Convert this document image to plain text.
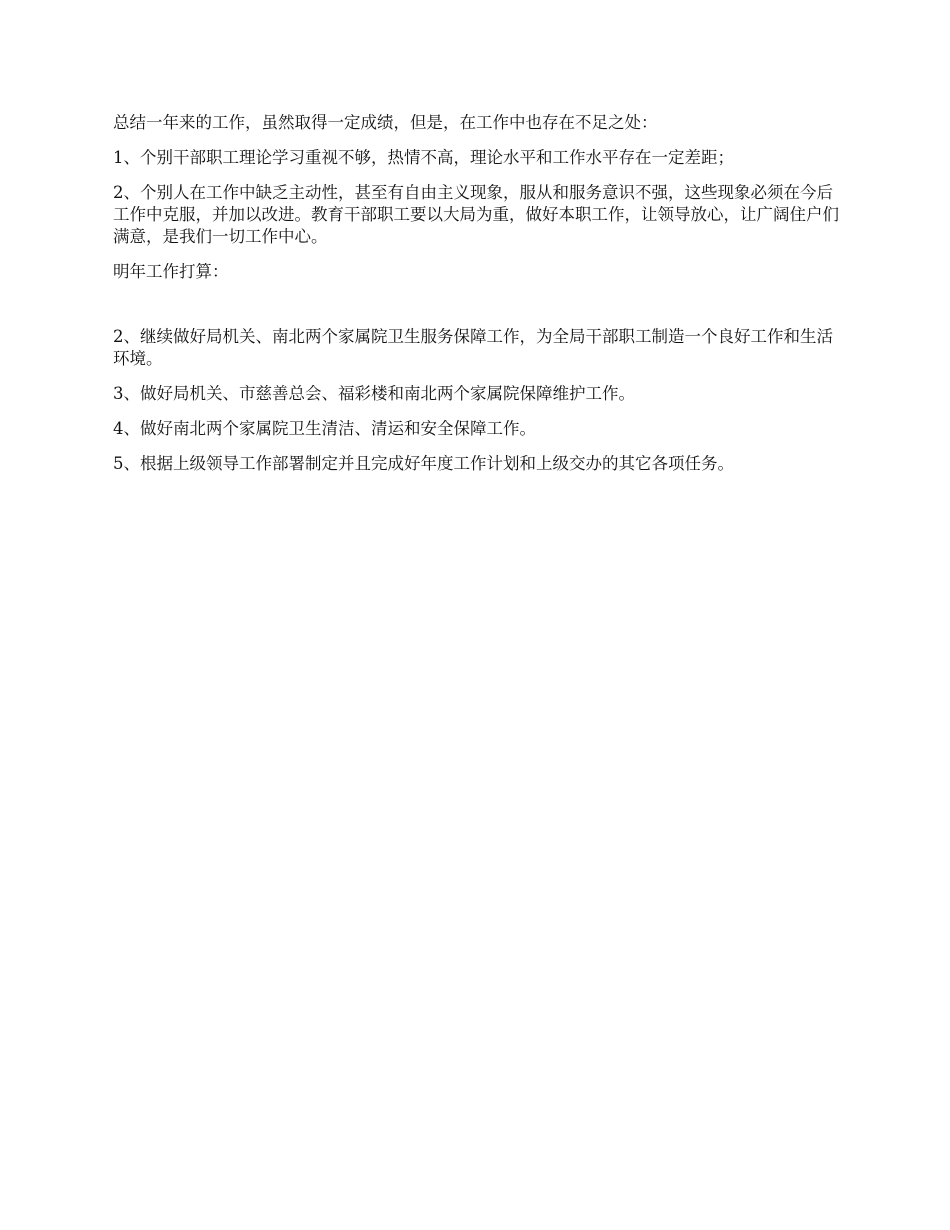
总结一年来的工作，虽然取得一定成绩，但是，在工作中也存在不足之处：

1、个别干部职工理论学习重视不够，热情不高，理论水平和工作水平存在一定差距；

2、个别人在工作中缺乏主动性，甚至有自由主义现象，服从和服务意识不强，这些现象必须在今后工作中克服，并加以改进。教育干部职工要以大局为重，做好本职工作，让领导放心，让广阔住户们满意，是我们一切工作中心。

明年工作打算：

2、继续做好局机关、南北两个家属院卫生服务保障工作，为全局干部职工制造一个良好工作和生活环境。

3、做好局机关、市慈善总会、福彩楼和南北两个家属院保障维护工作。

4、做好南北两个家属院卫生清洁、清运和安全保障工作。

5、根据上级领导工作部署制定并且完成好年度工作计划和上级交办的其它各项任务。
